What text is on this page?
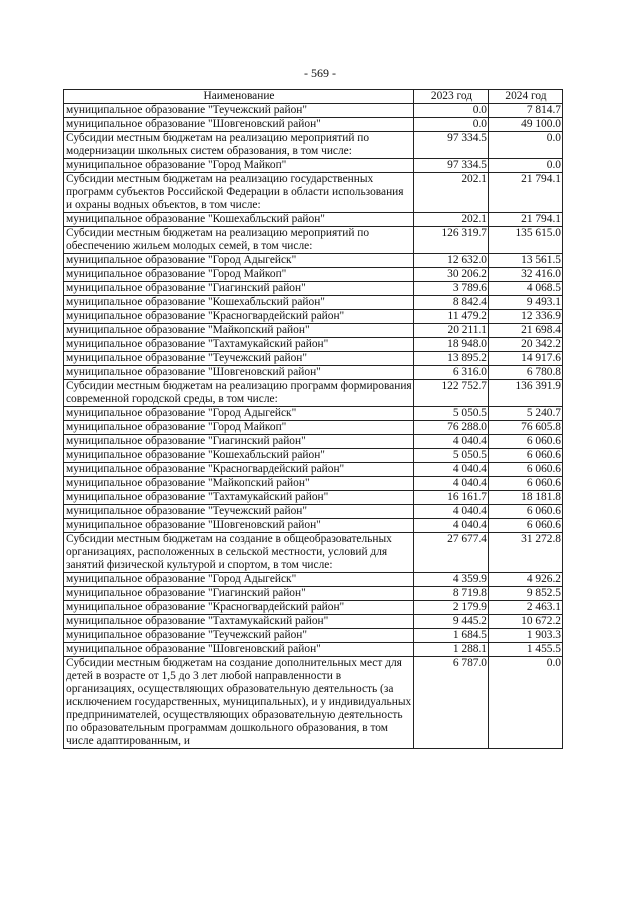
- 569 -
Наименование	2023 год	2024 год
муниципальное образование "Теучежский район"	0.0	7 814.7
муниципальное образование "Шовгеновский район"	0.0	49 100.0
Субсидии местным бюджетам на реализацию мероприятий по модернизации школьных систем образования, в том числе:	97 334.5	0.0
муниципальное образование "Город Майкоп"	97 334.5	0.0
Субсидии местным бюджетам на реализацию государственных программ субъектов Российской Федерации в области использования и охраны водных объектов, в том числе:	202.1	21 794.1
муниципальное образование "Кошехабльский район"	202.1	21 794.1
Субсидии местным бюджетам на реализацию мероприятий по обеспечению жильем молодых семей, в том числе:	126 319.7	135 615.0
муниципальное образование "Город Адыгейск"	12 632.0	13 561.5
муниципальное образование "Город Майкоп"	30 206.2	32 416.0
муниципальное образование "Гиагинский район"	3 789.6	4 068.5
муниципальное образование "Кошехабльский район"	8 842.4	9 493.1
муниципальное образование "Красногвардейский район"	11 479.2	12 336.9
муниципальное образование "Майкопский район"	20 211.1	21 698.4
муниципальное образование "Тахтамукайский район"	18 948.0	20 342.2
муниципальное образование "Теучежский район"	13 895.2	14 917.6
муниципальное образование "Шовгеновский район"	6 316.0	6 780.8
Субсидии местным бюджетам на реализацию программ формирования современной городской среды, в том числе:	122 752.7	136 391.9
муниципальное образование "Город Адыгейск"	5 050.5	5 240.7
муниципальное образование "Город Майкоп"	76 288.0	76 605.8
муниципальное образование "Гиагинский район"	4 040.4	6 060.6
муниципальное образование "Кошехабльский район"	5 050.5	6 060.6
муниципальное образование "Красногвардейский район"	4 040.4	6 060.6
муниципальное образование "Майкопский район"	4 040.4	6 060.6
муниципальное образование "Тахтамукайский район"	16 161.7	18 181.8
муниципальное образование "Теучежский район"	4 040.4	6 060.6
муниципальное образование "Шовгеновский район"	4 040.4	6 060.6
Субсидии местным бюджетам на создание в общеобразовательных организациях, расположенных в сельской местности, условий для занятий физической культурой и спортом, в том числе:	27 677.4	31 272.8
муниципальное образование "Город Адыгейск"	4 359.9	4 926.2
муниципальное образование "Гиагинский район"	8 719.8	9 852.5
муниципальное образование "Красногвардейский район"	2 179.9	2 463.1
муниципальное образование "Тахтамукайский район"	9 445.2	10 672.2
муниципальное образование "Теучежский район"	1 684.5	1 903.3
муниципальное образование "Шовгеновский район"	1 288.1	1 455.5
Субсидии местным бюджетам на создание дополнительных мест для детей в возрасте от 1,5 до 3 лет любой направленности в организациях, осуществляющих образовательную деятельность (за исключением государственных, муниципальных), и у индивидуальных предпринимателей, осуществляющих образовательную деятельность по образовательным программам дошкольного образования, в том числе адаптированным, и	6 787.0	0.0
